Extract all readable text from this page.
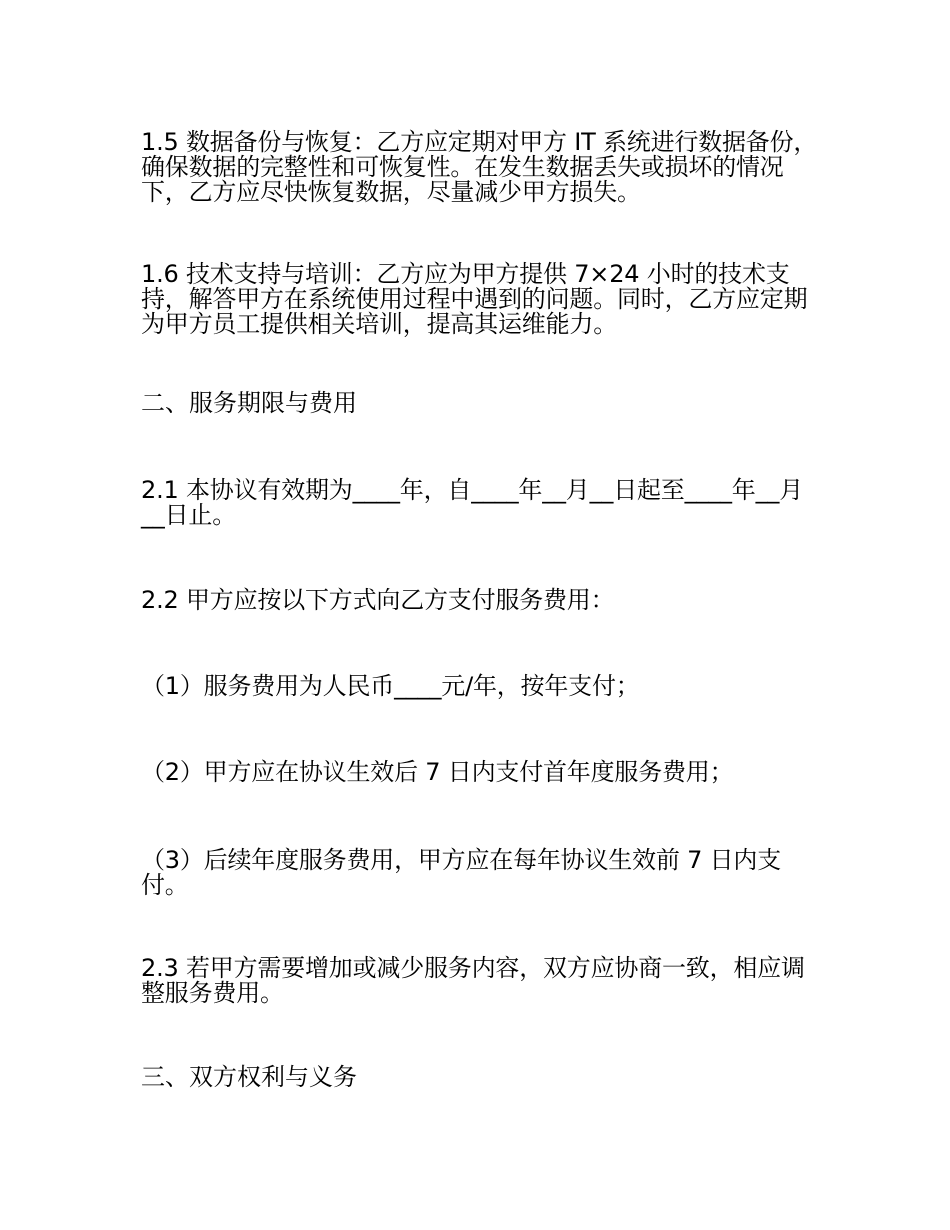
1.5 数据备份与恢复：乙方应定期对甲方 IT 系统进行数据备份，确保数据的完整性和可恢复性。在发生数据丢失或损坏的情况下，乙方应尽快恢复数据，尽量减少甲方损失。

1.6 技术支持与培训：乙方应为甲方提供 7×24 小时的技术支持，解答甲方在系统使用过程中遇到的问题。同时，乙方应定期为甲方员工提供相关培训，提高其运维能力。

二、服务期限与费用

2.1 本协议有效期为____年，自____年__月__日起至____年__月__日止。

2.2 甲方应按以下方式向乙方支付服务费用：

（1）服务费用为人民币____元/年，按年支付；

（2）甲方应在协议生效后 7 日内支付首年度服务费用；

（3）后续年度服务费用，甲方应在每年协议生效前 7 日内支付。

2.3 若甲方需要增加或减少服务内容，双方应协商一致，相应调整服务费用。

三、双方权利与义务
